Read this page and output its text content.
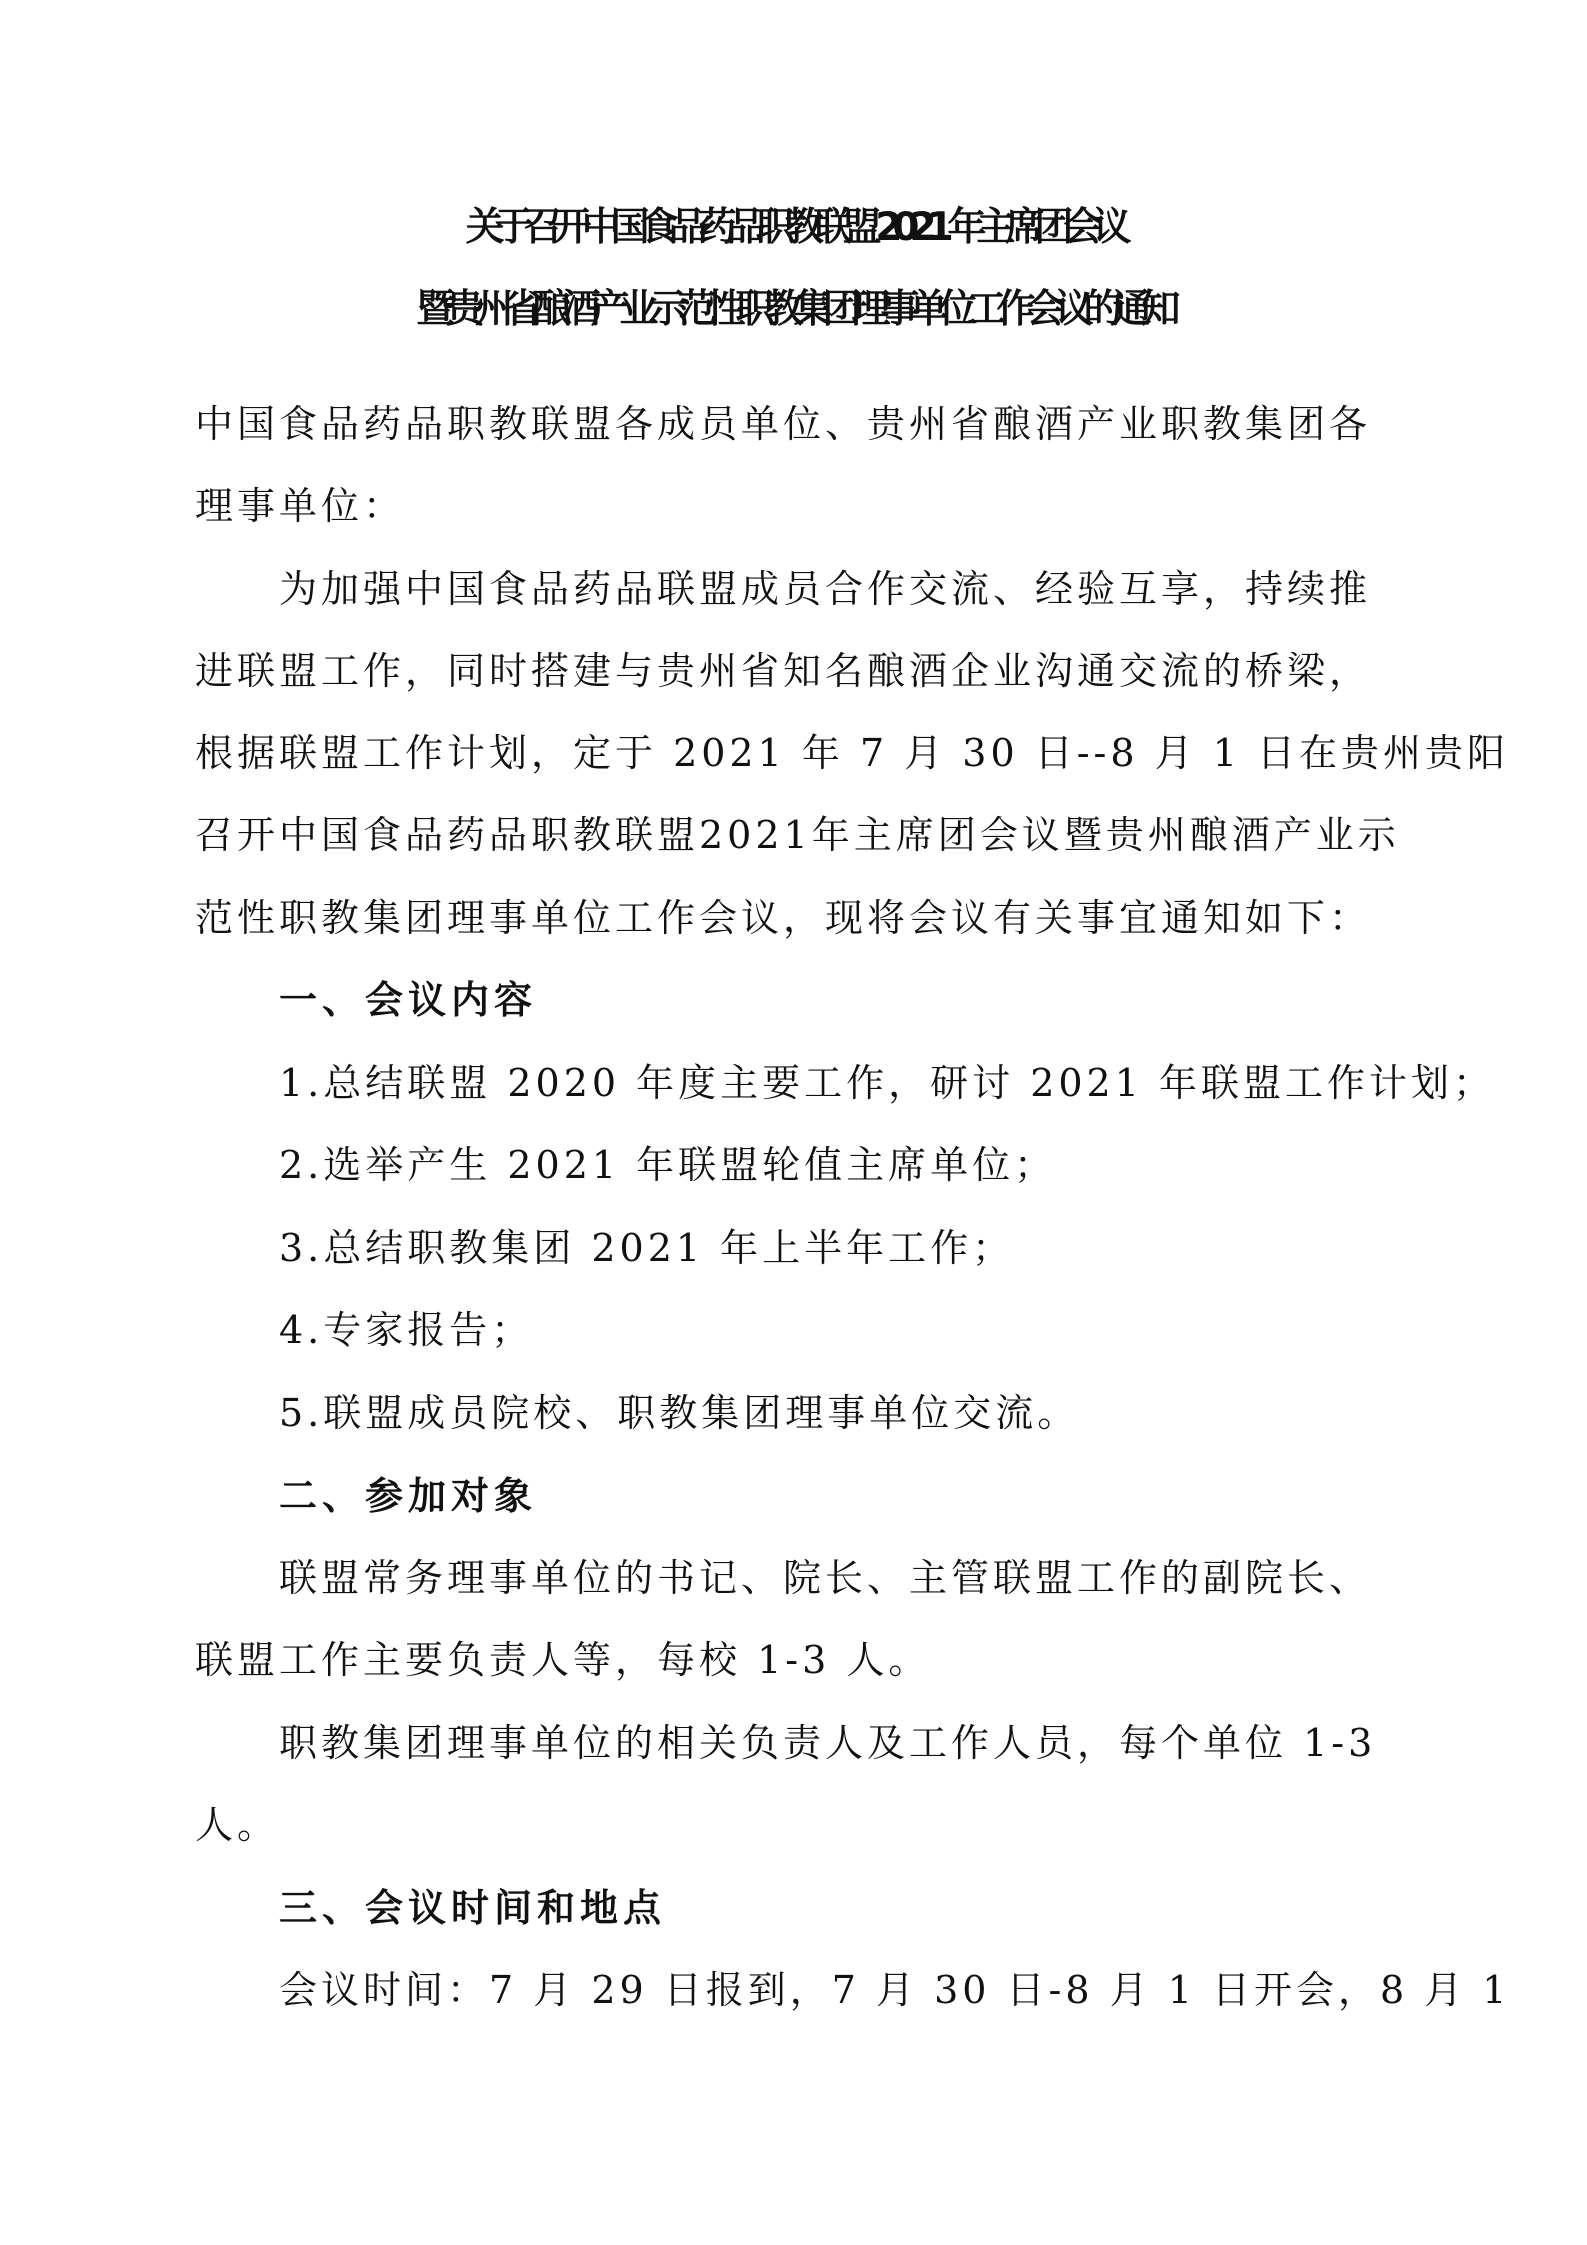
关于召开中国食品药品职教联盟 2021 年主席团会议
暨贵州省酿酒产业示范性职教集团理事单位工作会议的通知
中国食品药品职教联盟各成员单位、贵州省酿酒产业职教集团各
理事单位：
为加强中国食品药品联盟成员合作交流、经验互享，持续推
进联盟工作，同时搭建与贵州省知名酿酒企业沟通交流的桥梁，
根据联盟工作计划，定于 2021 年 7 月 30 日--8 月 1 日在贵州贵阳
召开中国食品药品职教联盟2021年主席团会议暨贵州酿酒产业示
范性职教集团理事单位工作会议，现将会议有关事宜通知如下：
一、会议内容
1.总结联盟 2020 年度主要工作，研讨 2021 年联盟工作计划；
2.选举产生 2021 年联盟轮值主席单位；
3.总结职教集团 2021 年上半年工作；
4.专家报告；
5.联盟成员院校、职教集团理事单位交流。
二、参加对象
联盟常务理事单位的书记、院长、主管联盟工作的副院长、
联盟工作主要负责人等，每校 1-3 人。
职教集团理事单位的相关负责人及工作人员，每个单位 1-3
人。
三、会议时间和地点
会议时间：7 月 29 日报到，7 月 30 日-8 月 1 日开会，8 月 1
